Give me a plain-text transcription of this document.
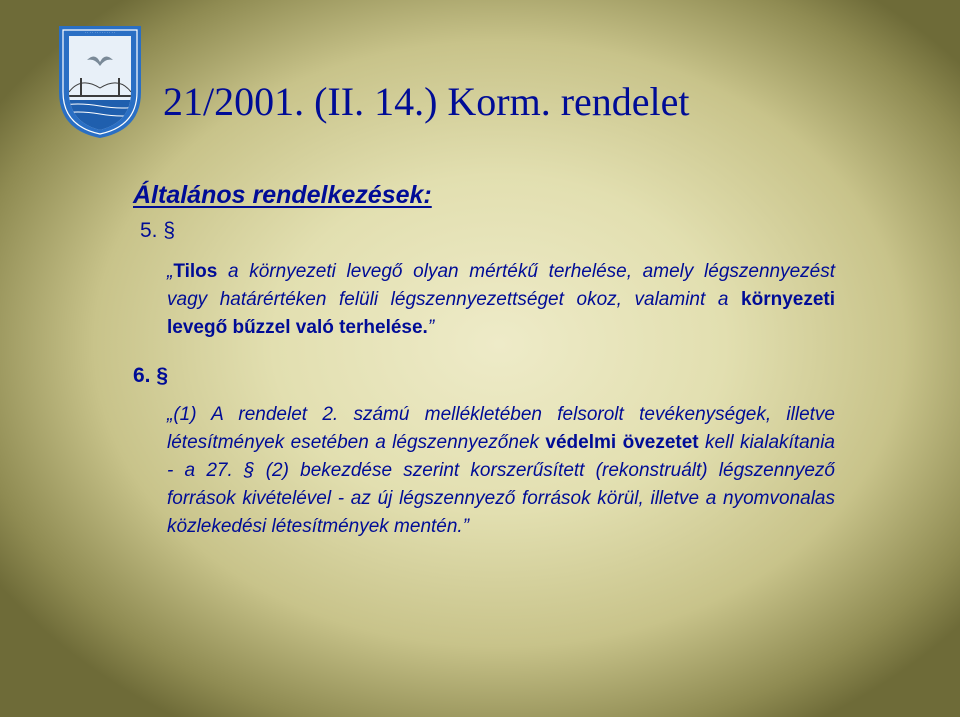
· · · · · · · · · · · · ·
21/2001. (II. 14.) Korm. rendelet
Általános rendelkezések:
5. §

„Tilos a környezeti levegő olyan mértékű terhelése, amely légszennyezést vagy határértéken felüli légszennyezettséget okoz, valamint a környezeti levegő bűzzel való terhelése.”

6. §

„(1) A rendelet 2. számú mellékletében felsorolt tevékenységek, illetve létesítmények esetében a légszennyezőnek védelmi övezetet kell kialakítania - a 27. § (2) bekezdése szerint korszerűsített (rekonstruált) légszennyező források kivételével - az új légszennyező források körül, illetve a nyomvonalas közlekedési létesítmények mentén.”
